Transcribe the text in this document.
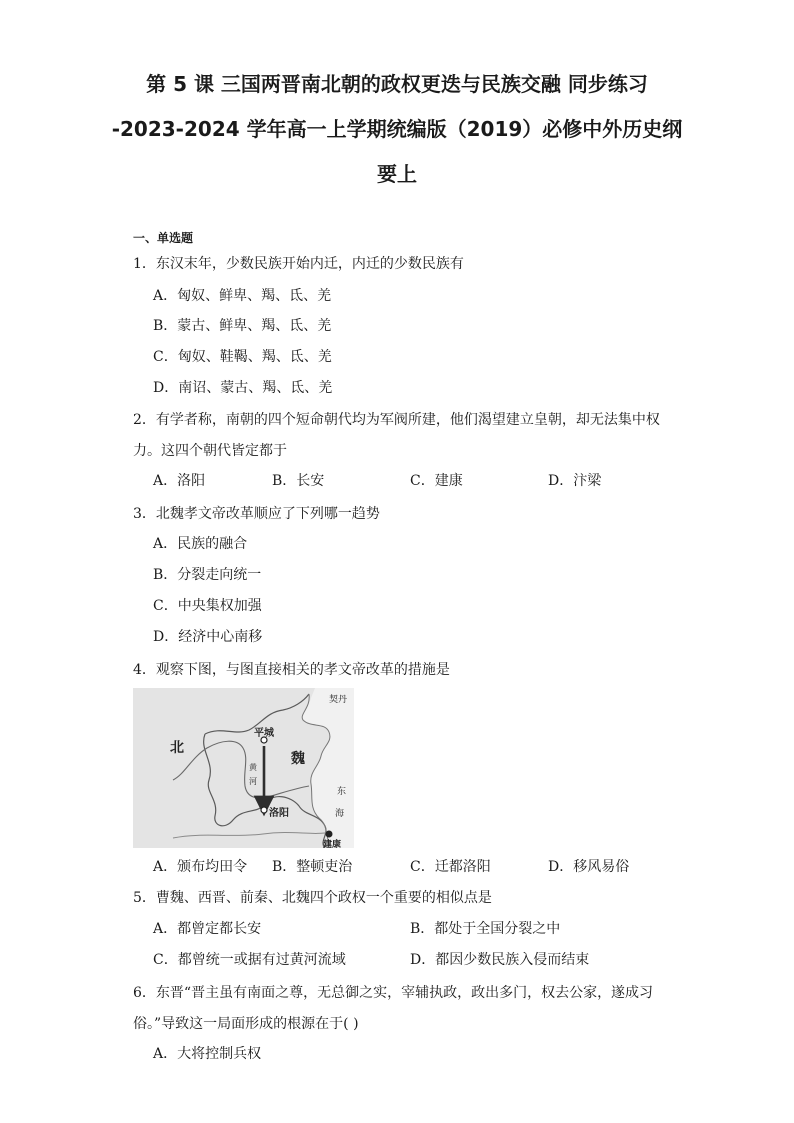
第 5 课 三国两晋南北朝的政权更迭与民族交融 同步练习
-2023-2024 学年高一上学期统编版（2019）必修中外历史纲
要上
一、单选题
1．东汉末年，少数民族开始内迁，内迁的少数民族有
A．匈奴、鲜卑、羯、氐、羌
B．蒙古、鲜卑、羯、氐、羌
C．匈奴、鞋鞨、羯、氐、羌
D．南诏、蒙古、羯、氐、羌
2．有学者称，南朝的四个短命朝代均为军阀所建，他们渴望建立皇朝，却无法集中权
力。这四个朝代皆定都于
A．洛阳	B．长安	C．建康	D．汴梁
3．北魏孝文帝改革顺应了下列哪一趋势
A．民族的融合
B．分裂走向统一
C．中央集权加强
D．经济中心南移
4．观察下图，与图直接相关的孝文帝改革的措施是
北
魏
平城
洛阳
建康
契丹
黄
河
东
海
A．颁布均田令 B．整顿吏治	C．迁都洛阳	D．移风易俗
5．曹魏、西晋、前秦、北魏四个政权一个重要的相似点是
A．都曾定都长安	B．都处于全国分裂之中
C．都曾统一或据有过黄河流域	D．都因少数民族入侵而结束
6．东晋“晋主虽有南面之尊，无总御之实，宰辅执政，政出多门，权去公家，遂成习
俗。”导致这一局面形成的根源在于( )
A．大将控制兵权
